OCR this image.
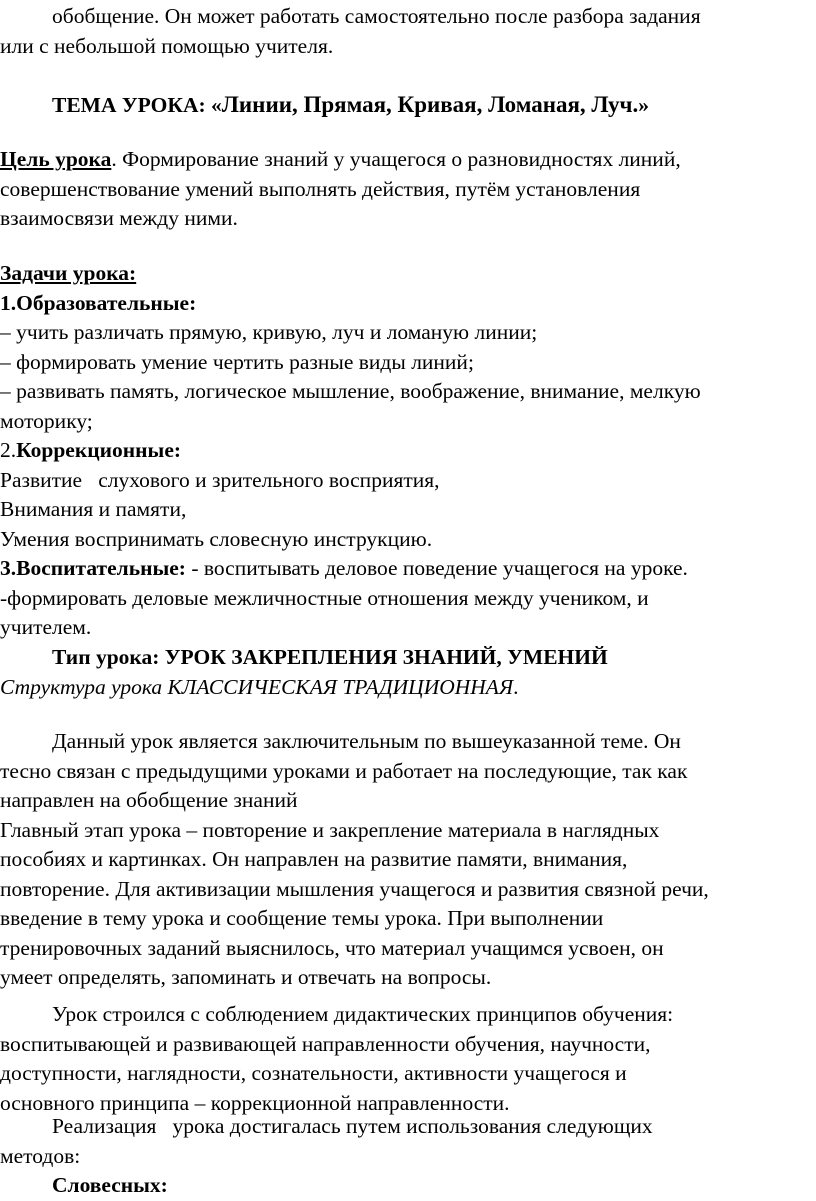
обобщение. Он может работать самостоятельно после разбора задания
или с небольшой помощью учителя.
ТЕМА УРОКА: «Линии, Прямая, Кривая, Ломаная, Луч.»
Цель урока. Формирование знаний у учащегося о разновидностях линий,
совершенствование умений выполнять действия, путём установления
взаимосвязи между ними.
Задачи урока:
1.Образовательные:
– учить различать прямую, кривую, луч и ломаную линии;
– формировать умение чертить разные виды линий;
– развивать память, логическое мышление, воображение, внимание, мелкую
моторику;
2.Коррекционные:
Развитие   слухового и зрительного восприятия,
Внимания и памяти,
Умения воспринимать словесную инструкцию.
3.Воспитательные: - воспитывать деловое поведение учащегося на уроке.
-формировать деловые межличностные отношения между учеником, и
учителем.
Тип урока: УРОК ЗАКРЕПЛЕНИЯ ЗНАНИЙ, УМЕНИЙ
Структура урока КЛАССИЧЕСКАЯ ТРАДИЦИОННАЯ.
Данный урок является заключительным по вышеуказанной теме. Он
тесно связан с предыдущими уроками и работает на последующие, так как
направлен на обобщение знаний
Главный этап урока – повторение и закрепление материала в наглядных
пособиях и картинках. Он направлен на развитие памяти, внимания,
повторение. Для активизации мышления учащегося и развития связной речи,
введение в тему урока и сообщение темы урока. При выполнении
тренировочных заданий выяснилось, что материал учащимся усвоен, он
умеет определять, запоминать и отвечать на вопросы.
Урок строился с соблюдением дидактических принципов обучения:
воспитывающей и развивающей направленности обучения, научности,
доступности, наглядности, сознательности, активности учащегося и
основного принципа – коррекционной направленности.
Реализация   урока достигалась путем использования следующих
методов:
Словесных:
